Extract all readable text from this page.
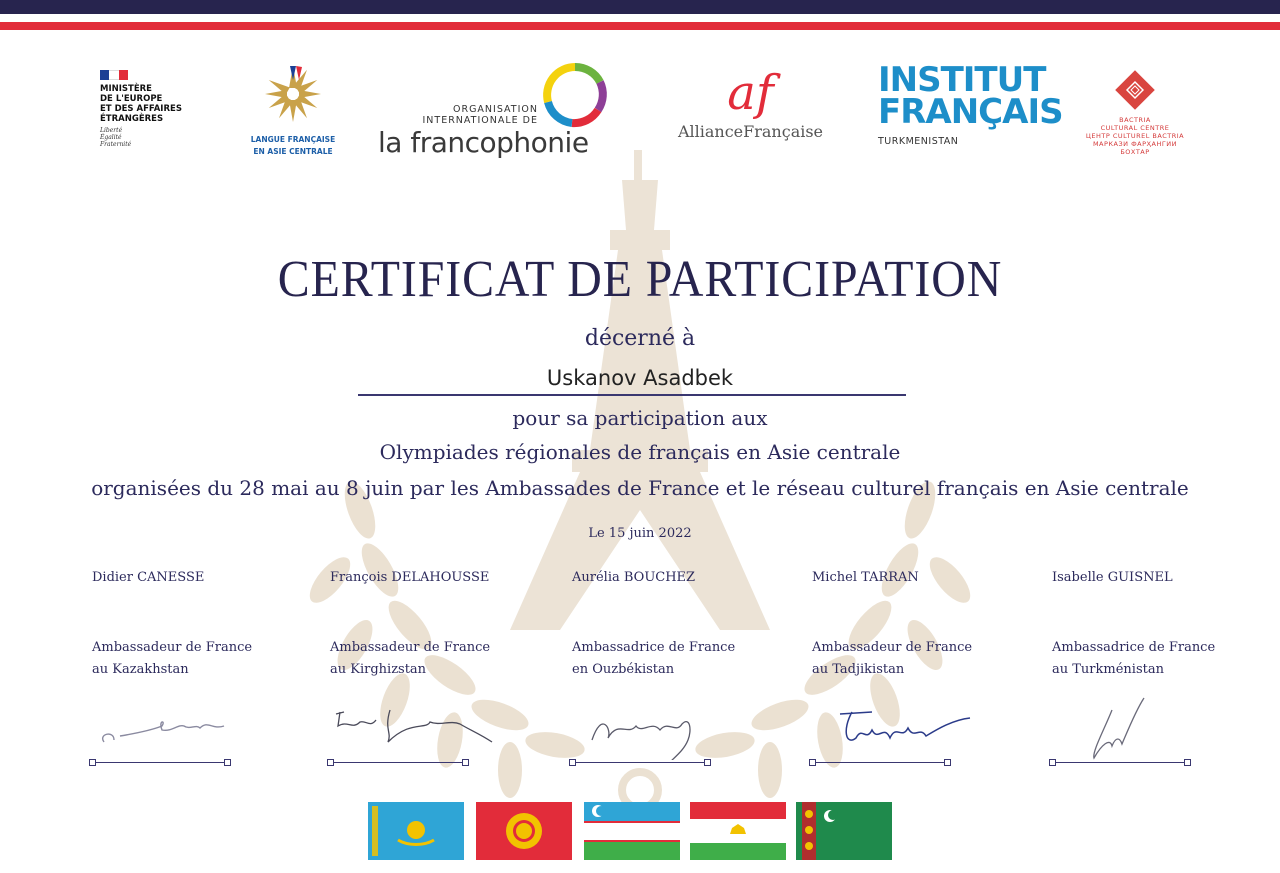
MINISTÈRE
DE L'EUROPE
ET DES AFFAIRES
ÉTRANGÈRES
Liberté
Égalité
Fraternité
LANGUE FRANÇAISE
EN ASIE CENTRALE
ORGANISATION
INTERNATIONALE DE
la francophonie
af
AllianceFrançaise
INSTITUT
FRANÇAIS
TURKMENISTAN
BACTRIA
CULTURAL CENTRE
ЦЕНТР CULTUREL BACTRIA
МАРКАЗИ ФАРҲАНГИИ
БОХТАР
CERTIFICAT DE PARTICIPATION
décerné à
Uskanov Asadbek
pour sa participation aux
Olympiades régionales de français en Asie centrale
organisées du 28 mai au 8 juin par les Ambassades de France et le réseau culturel français en Asie centrale
Le 15 juin 2022
Didier CANESSE
Ambassadeur de France
au Kazakhstan
François DELAHOUSSE
Ambassadeur de France
au Kirghizstan
Aurélia BOUCHEZ
Ambassadrice de France
en Ouzbékistan
Michel TARRAN
Ambassadeur de France
au Tadjikistan
Isabelle GUISNEL
Ambassadrice de France
au Turkménistan
